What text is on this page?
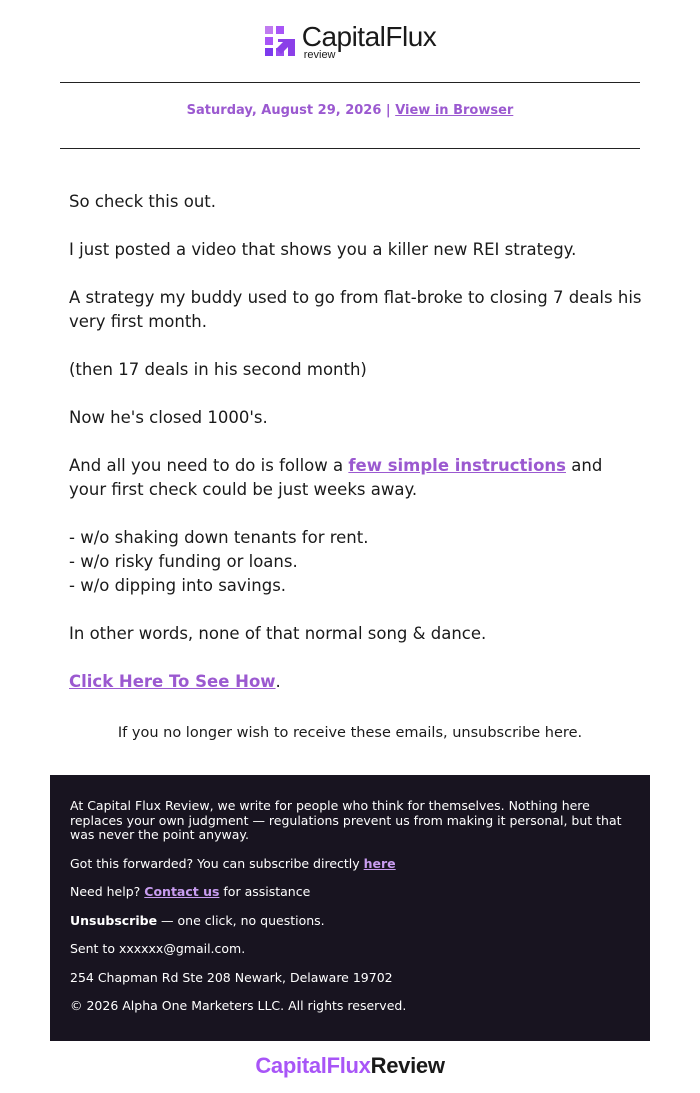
CapitalFlux
review
Saturday, August 29, 2026 | View in Browser

So check this out.

I just posted a video that shows you a killer new REI strategy.

A strategy my buddy used to go from flat-broke to closing 7 deals his very first month.

(then 17 deals in his second month)

Now he's closed 1000's.

And all you need to do is follow a few simple instructions and your first check could be just weeks away.

- w/o shaking down tenants for rent.
- w/o risky funding or loans.
- w/o dipping into savings.

In other words, none of that normal song & dance.

Click Here To See How.

If you no longer wish to receive these emails, unsubscribe here.

At Capital Flux Review, we write for people who think for themselves. Nothing here replaces your own judgment — regulations prevent us from making it personal, but that was never the point anyway.

Got this forwarded? You can subscribe directly here

Need help? Contact us for assistance

Unsubscribe — one click, no questions.

Sent to xxxxxx@gmail.com.

254 Chapman Rd Ste 208 Newark, Delaware 19702

© 2026 Alpha One Marketers LLC. All rights reserved.

CapitalFluxReview
